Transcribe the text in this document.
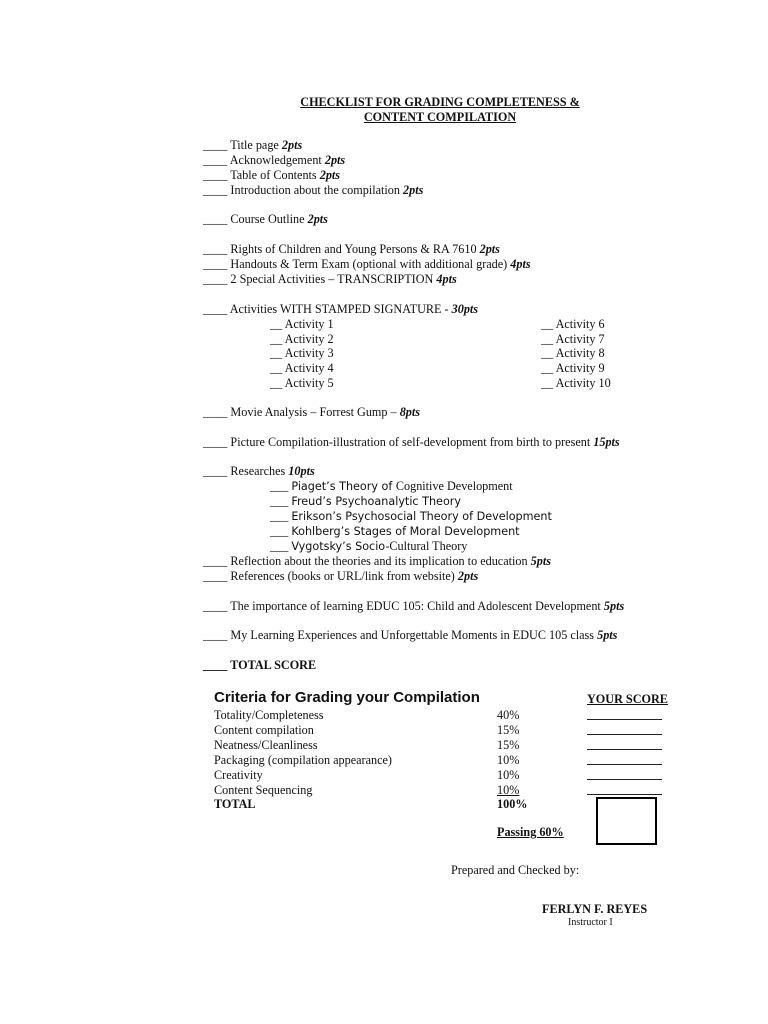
CHECKLIST FOR GRADING COMPLETENESS &
CONTENT COMPILATION
____ Title page 2pts
____ Acknowledgement 2pts
____ Table of Contents 2pts
____ Introduction about the compilation 2pts
____ Course Outline 2pts
____ Rights of Children and Young Persons & RA 7610 2pts
____ Handouts & Term Exam (optional with additional grade) 4pts
____ 2 Special Activities – TRANSCRIPTION 4pts
____ Activities WITH STAMPED SIGNATURE - 30pts
__ Activity 1
__ Activity 2
__ Activity 3
__ Activity 4
__ Activity 5
__ Activity 6
__ Activity 7
__ Activity 8
__ Activity 9
__ Activity 10
____ Movie Analysis – Forrest Gump – 8pts
____ Picture Compilation-illustration of self-development from birth to present 15pts
____ Researches 10pts
___ Piaget’s Theory of Cognitive Development
___ Freud’s Psychoanalytic Theory
___ Erikson’s Psychosocial Theory of Development
___ Kohlberg’s Stages of Moral Development
___ Vygotsky’s Socio-Cultural Theory
____ Reflection about the theories and its implication to education 5pts
____ References (books or URL/link from website) 2pts
____ The importance of learning EDUC 105: Child and Adolescent Development 5pts
____ My Learning Experiences and Unforgettable Moments in EDUC 105 class 5pts
____ TOTAL SCORE
Criteria for Grading your Compilation	YOUR SCORE
Totality/Completeness
Content compilation
Neatness/Cleanliness
Packaging (compilation appearance)
Creativity
Content Sequencing
TOTAL
40%
15%
15%
10%
10%
10%
100%
Passing 60%
Prepared and Checked by:
FERLYN F. REYES
Instructor I
